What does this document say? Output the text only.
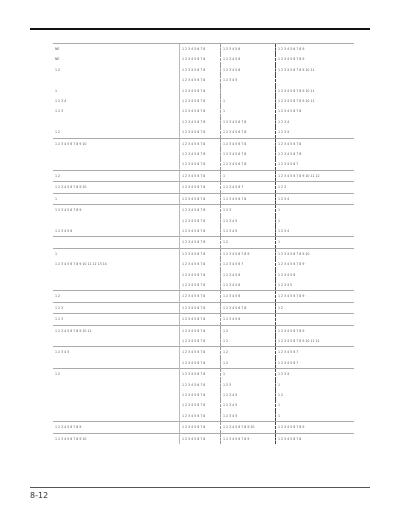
NE	1 2 3 4 5 6 7 8	1 2 3 4 5 6	1 2 3 4 5 6 7 8 9
NE	1 2 3 4 5 6 7 8	1 2 3 4 5 6	1 2 3 4 5 6 7 8 9
1 2	1 2 3 4 5 6 7 8	1 2 3 4 5 6	1 2 3 4 5 6 7 8 9 10 11
	1 2 3 4 5 6 7 8	1 2 3 4 5	
1	1 2 3 4 5 6 7 8		1 2 3 4 5 6 7 8 9 10 11
1 2 3 4	1 2 3 4 5 6 7 8	1	1 2 3 4 5 6 7 8 9 10 11
1 2 3	1 2 3 4 5 6 7 8	1	1 2 3 4 5 6 7 8
	1 2 3 4 5 6 7 8	1 2 3 4 5 6 7 8	1 2 3 4
1 2	1 2 3 4 5 6 7 8	1 2 3 4 5 6 7 8	1 2 3 4
1 2 3 4 5 6 7 8 9 10	1 2 3 4 5 6 7 8	1 2 3 4 5 6 7 8	1 2 3 4 5 6 7 8
	1 2 3 4 5 6 7 8	1 2 3 4 5 6 7 8	1 2 3 4 5 6 7 8
	1 2 3 4 5 6 7 8	1 2 3 4 5 6 7 8	1 2 3 4 5 6 7
1 2	1 2 3 4 5 6 7 8	1	1 2 3 4 5 6 7 8 9 10 11 12
1 2 3 4 5 6 7 8 9 10	1 2 3 4 5 6 7 8	1 2 3 4 5 6 7	1 2 3
1	1 2 3 4 5 6 7 8	1 2 3 4 5 6 7 8	1 2 3 4
1 2 3 4 5 6 7 8 9	1 2 3 4 5 6 7 8	1 2 3	1
	1 2 3 4 5 6 7 8	1 2 3 4 5	1
1 2 3 4 5 6	1 2 3 4 5 6 7 8	1 2 3 4 5	1 2 3 4
	1 2 3 4 5 6 7 8	1 2	1
1	1 2 3 4 5 6 7 8	1 2 3 4 5 6 7 8 9	1 2 3 4 5 6 7 8 9 10
1 2 3 4 5 6 7 8 9 10 11 12 13 14	1 2 3 4 5 6 7 8	1 2 3 4 5 6 7	1 2 3 4 5 6 7 8 9
	1 2 3 4 5 6 7 8	1 2 3 4 5 6	1 2 3 4 5 6
	1 2 3 4 5 6 7 8	1 2 3 4 5 6	1 2 3 4 5
1 2	1 2 3 4 5 6 7 8	1 2 3 4 5 6	1 2 3 4 5 6 7 8 9
1 2 3	1 2 3 4 5 6 7 8	1 2 3 4 5 6 7 8	1 2
1 2 3	1 2 3 4 5 6 7 8	1 2 3 4 5 6	
1 2 3 4 5 6 7 8 9 10 11	1 2 3 4 5 6 7 8	1 2	1 2 3 4 5 6 7 8 9
	1 2 3 4 5 6 7 8	1 2	1 2 3 4 5 6 7 8 9 10 11 12
1 2 3 4 5	1 2 3 4 5 6 7 8	1 2	1 2 3 4 5 6 7
	1 2 3 4 5 6 7 8	1 2	1 2 3 4 5 6 7
1 2	1 2 3 4 5 6 7 8	1	1 2 3 4
	1 2 3 4 5 6 7 8	1 2 3	1
	1 2 3 4 5 6 7 8	1 2 3 4 5	1 2
	1 2 3 4 5 6 7 8	1 2 3 4 5	1
	1 2 3 4 5 6 7 8	1 2 3 4 5	1
1 2 3 4 5 6 7 8 9	1 2 3 4 5 6 7 8	1 2 3 4 5 6 7 8 9 10	1 2 3 4 5 6 7 8 9
1 2 3 4 5 6 7 8 9 10	1 2 3 4 5 6 7 8	1 2 3 4 5 6 7 8 9	1 2 3 4 5 6 7 8
8-12
